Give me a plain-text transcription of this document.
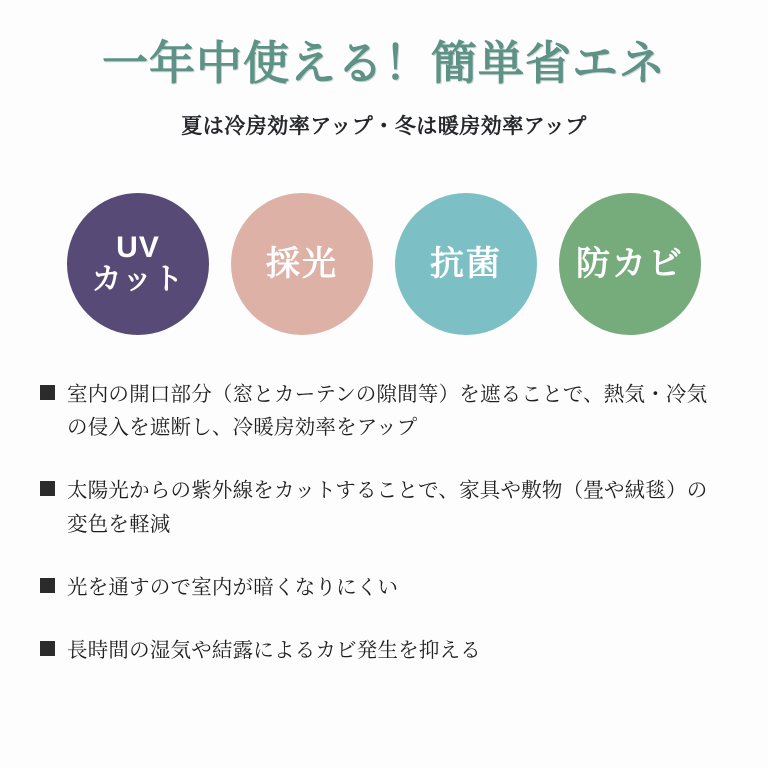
一年中使える！簡単省エネ
夏は冷房効率アップ・冬は暖房効率アップ
UV
カット 採光	抗菌 防カビ
室内の開口部分（窓とカーテンの隙間等）を遮ることで、熱気・冷気の侵入を遮断し、冷暖房効率をアップ
太陽光からの紫外線をカットすることで、家具や敷物（畳や絨毯）の変色を軽減
光を通すので室内が暗くなりにくい
長時間の湿気や結露によるカビ発生を抑える
